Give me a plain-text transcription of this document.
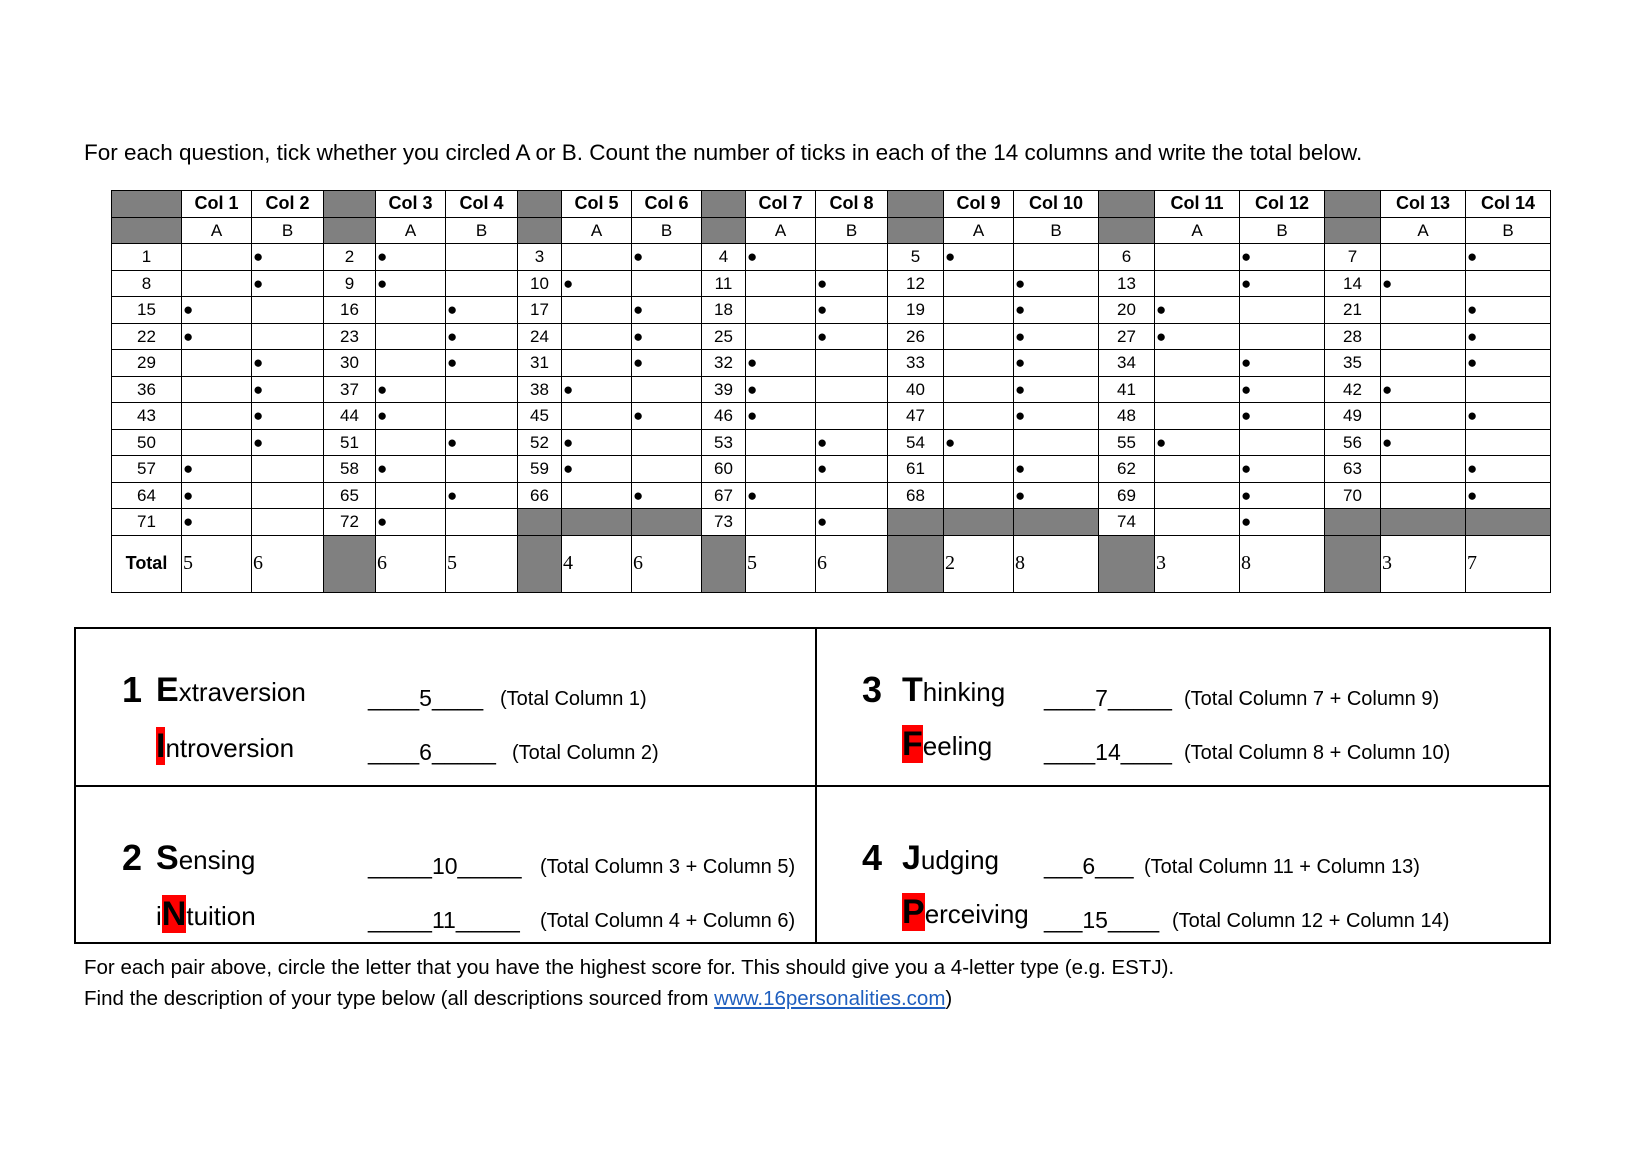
For each question, tick whether you circled A or B. Count the number of ticks in each of the 14 columns and write the total below.
	Col 1	Col 2		Col 3	Col 4		Col 5	Col 6		Col 7	Col 8		Col 9	Col 10		Col 11	Col 12		Col 13	Col 14
	A	B		A	B		A	B		A	B		A	B		A	B		A	B
1		●	2	●		3		●	4	●		5	●		6		●	7		●
8		●	9	●		10	●		11		●	12		●	13		●	14	●	
15	●		16		●	17		●	18		●	19		●	20	●		21		●
22	●		23		●	24		●	25		●	26		●	27	●		28		●
29		●	30		●	31		●	32	●		33		●	34		●	35		●
36		●	37	●		38	●		39	●		40		●	41		●	42	●	
43		●	44	●		45		●	46	●		47		●	48		●	49		●
50		●	51		●	52	●		53		●	54	●		55	●		56	●	
57	●		58	●		59	●		60		●	61		●	62		●	63		●
64	●		65		●	66		●	67	●		68		●	69		●	70		●
71	●		72	●					73		●				74		●			
Total	5	6		6	5		4	6		5	6		2	8		3	8		3	7
1 Extraversion	____5____ (Total Column 1)
Introversion	____6_____ (Total Column 2)
2 Sensing	_____10_____ (Total Column 3 + Column 5)
iNtuition	_____11_____ (Total Column 4 + Column 6)
3 Thinking ____7_____ (Total Column 7 + Column 9)
Feeling ____14____ (Total Column 8 + Column 10)
4 Judging ___6___ (Total Column 11 + Column 13)
Perceiving ___15____ (Total Column 12 + Column 14)
For each pair above, circle the letter that you have the highest score for. This should give you a 4-letter type (e.g. ESTJ).
Find the description of your type below (all descriptions sourced from www.16personalities.com)
